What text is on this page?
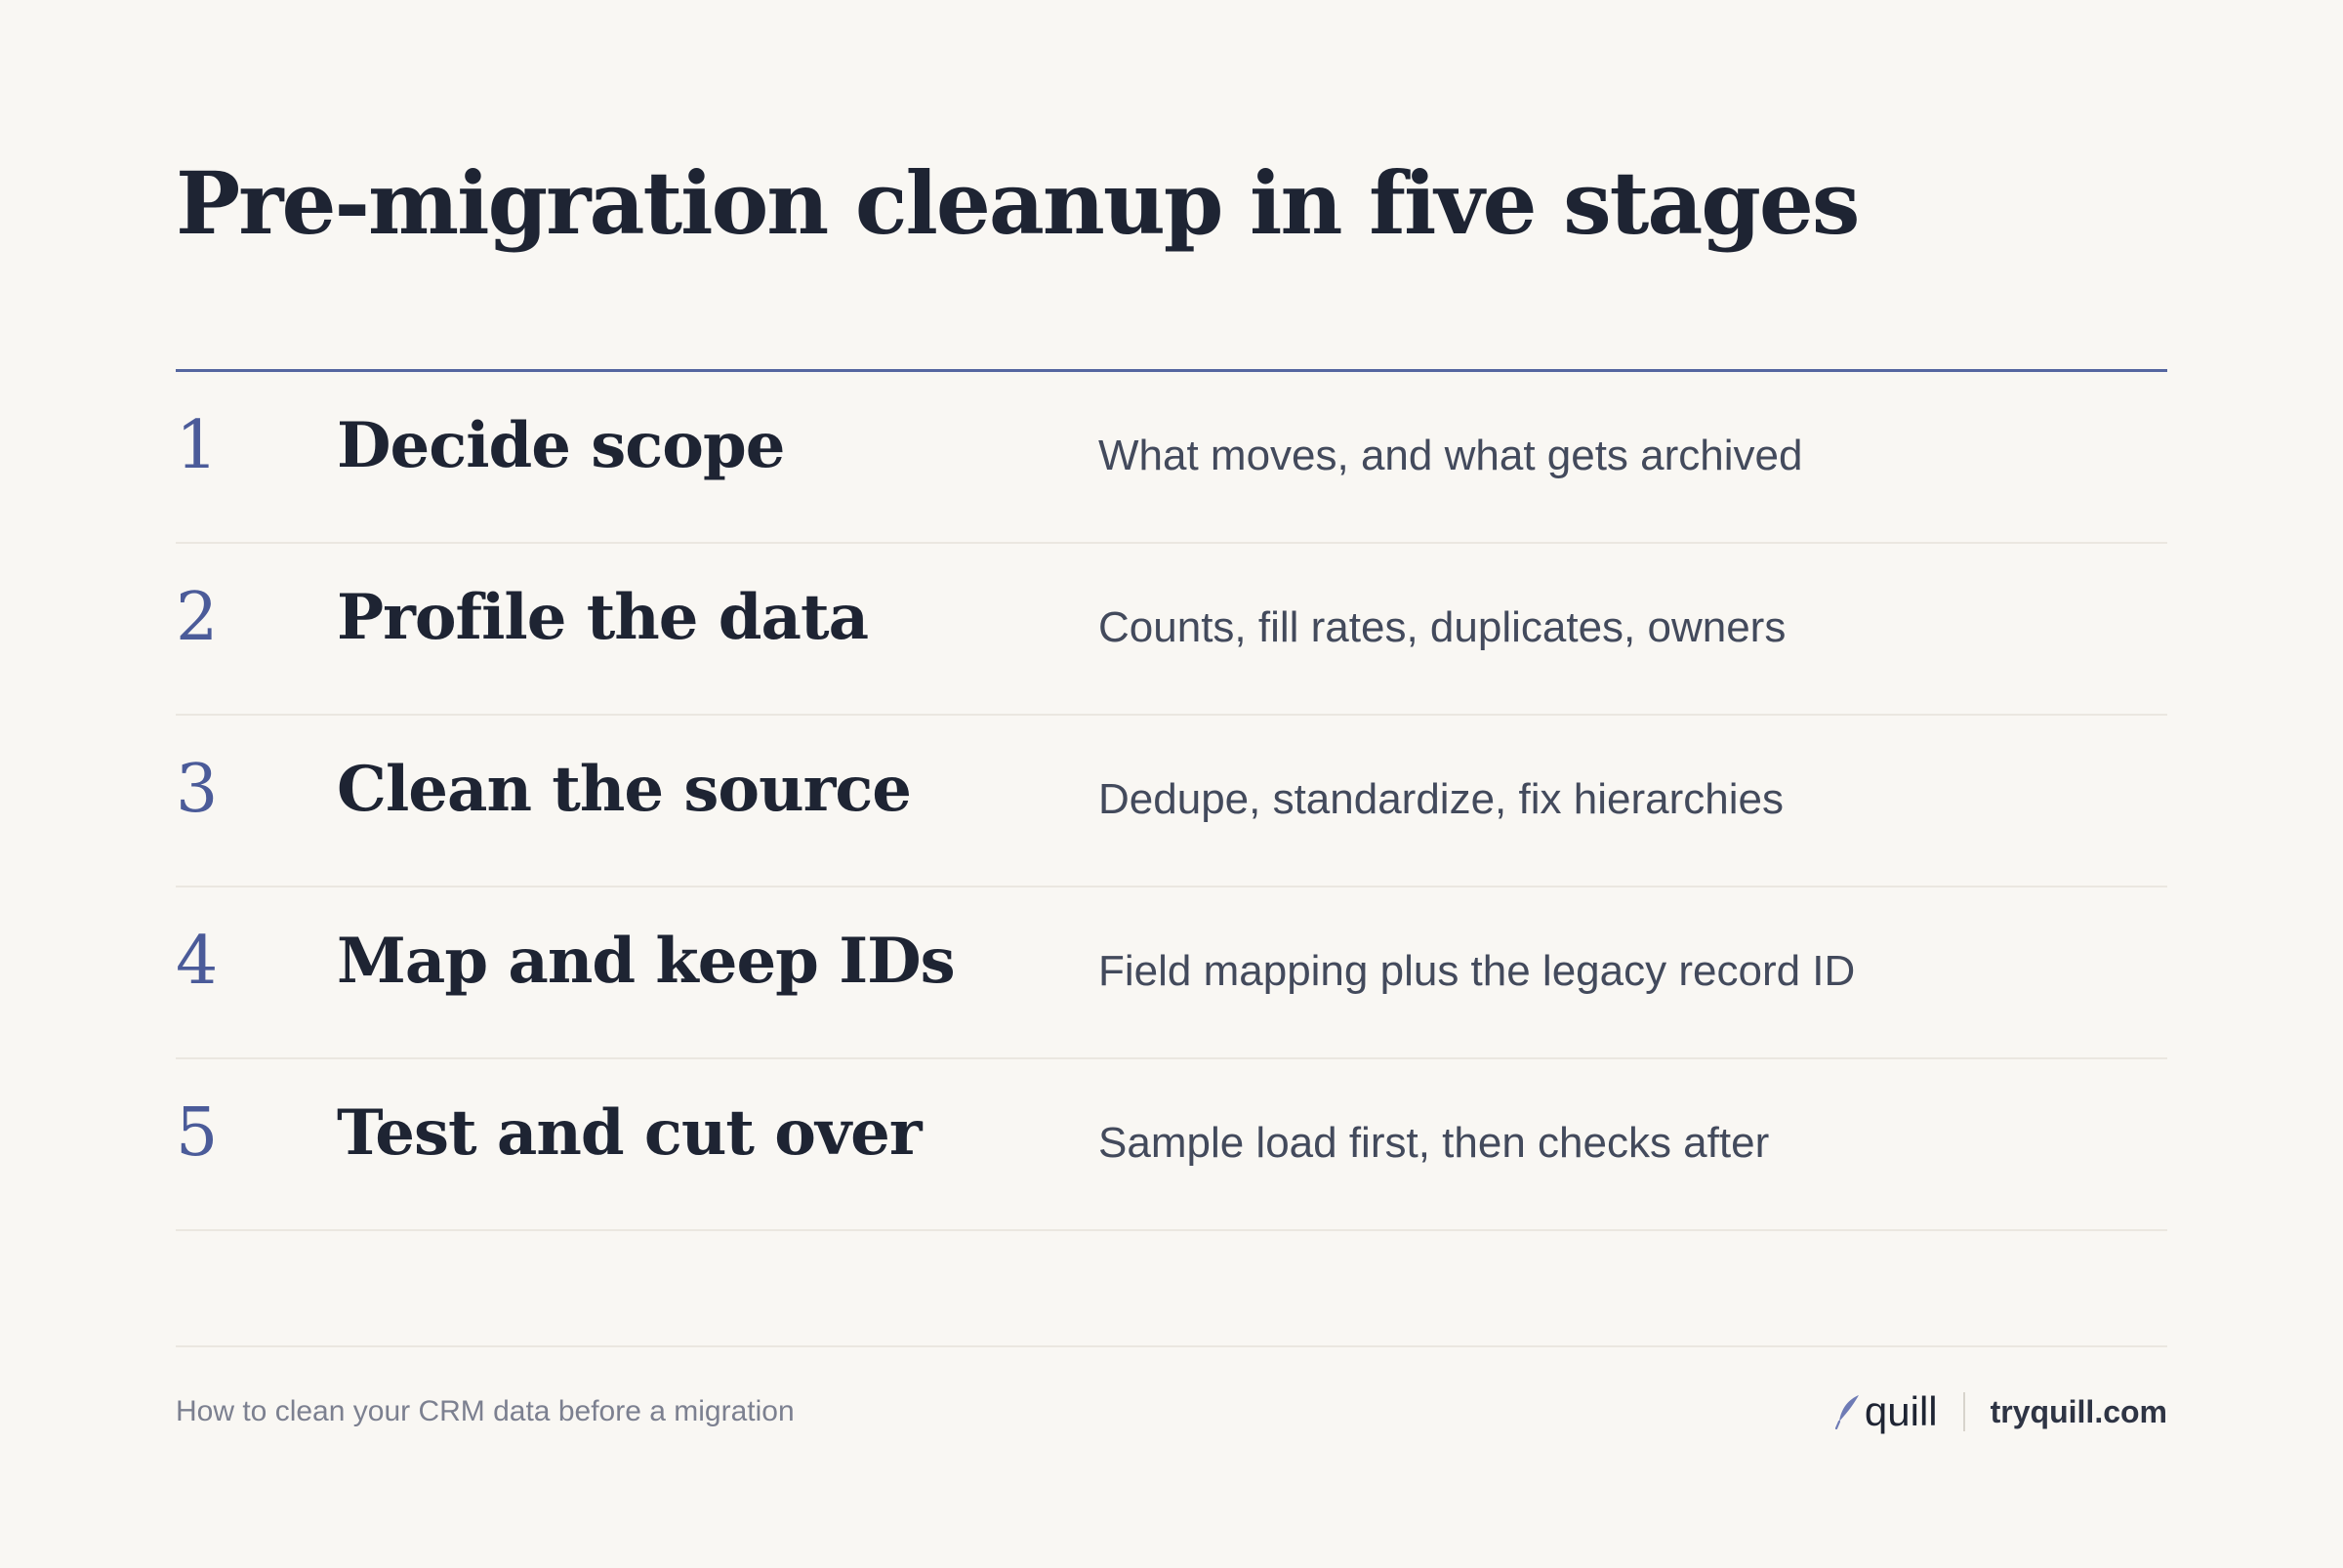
Pre-migration cleanup in five stages
1 Decide scope	What moves, and what gets archived
2 Profile the data	Counts, fill rates, duplicates, owners
3 Clean the source	Dedupe, standardize, fix hierarchies
4 Map and keep IDs	Field mapping plus the legacy record ID
5 Test and cut over	Sample load first, then checks after
How to clean your CRM data before a migration	quill tryquill.com
